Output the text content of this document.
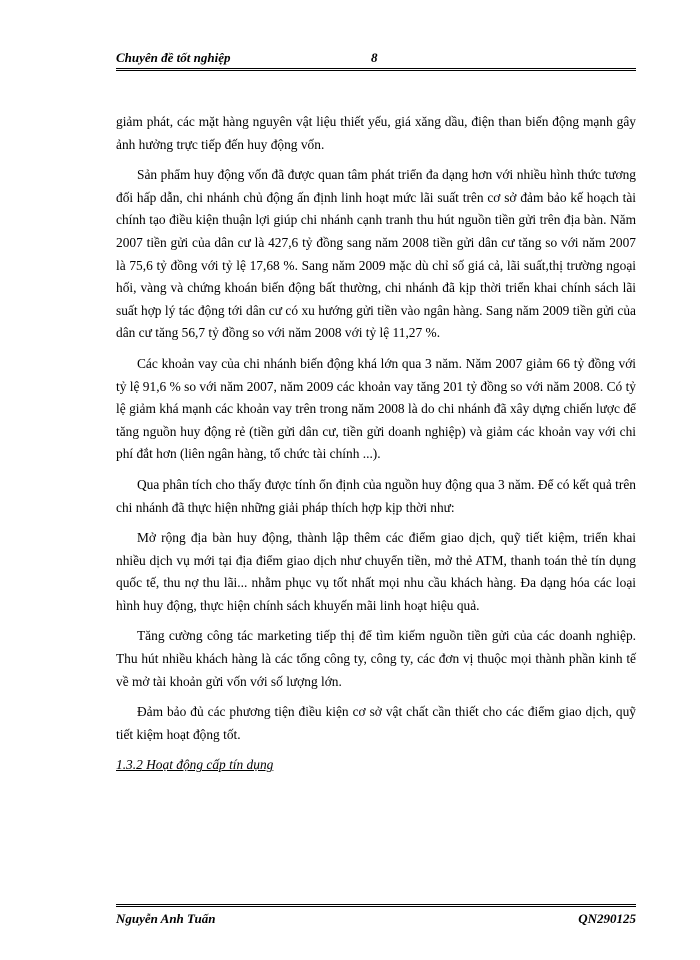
Chuyên đề tốt nghiệp	8

giảm phát, các mặt hàng nguyên vật liệu thiết yếu, giá xăng dầu, điện than biến động mạnh gây ảnh hưởng trực tiếp đến huy động vốn.

Sản phẩm huy động vốn đã được quan tâm phát triển đa dạng hơn với nhiều hình thức tương đối hấp dẫn, chi nhánh chủ động ấn định linh hoạt mức lãi suất trên cơ sở đảm bảo kế hoạch tài chính tạo điều kiện thuận lợi giúp chi nhánh cạnh tranh thu hút nguồn tiền gửi trên địa bàn. Năm 2007 tiền gửi của dân cư là 427,6 tỷ đồng sang năm 2008 tiền gửi dân cư tăng so với năm 2007 là 75,6 tỷ đồng với tỷ lệ 17,68 %. Sang năm 2009 mặc dù chỉ số giá cả, lãi suất,thị trường ngoại hối, vàng và chứng khoán biến động bất thường, chi nhánh đã kịp thời triển khai chính sách lãi suất hợp lý tác động tới dân cư có xu hướng gửi tiền vào ngân hàng. Sang năm 2009 tiền gửi của dân cư tăng 56,7 tỷ đồng so với năm 2008 với tỷ lệ 11,27 %.

Các khoản vay của chi nhánh biến động khá lớn qua 3 năm. Năm 2007 giảm 66 tỷ đồng với tỷ lệ 91,6 % so với năm 2007, năm 2009 các khoản vay tăng 201 tỷ đồng so với năm 2008. Có tỷ lệ giảm khá mạnh các khoản vay trên trong năm 2008 là do chi nhánh đã xây dựng chiến lược để tăng nguồn huy động rẻ (tiền gửi dân cư, tiền gửi doanh nghiệp) và giảm các khoản vay với chi phí đắt hơn (liên ngân hàng, tổ chức tài chính ...).

Qua phân tích cho thấy được tính ổn định của nguồn huy động qua 3 năm. Để có kết quả trên chi nhánh đã thực hiện những giải pháp thích hợp kịp thời như:

Mở rộng địa bàn huy động, thành lập thêm các điểm giao dịch, quỹ tiết kiệm, triển khai nhiều dịch vụ mới tại địa điểm giao dịch như chuyển tiền, mở thẻ ATM, thanh toán thẻ tín dụng quốc tế, thu nợ thu lãi... nhằm phục vụ tốt nhất mọi nhu cầu khách hàng. Đa dạng hóa các loại hình huy động, thực hiện chính sách khuyến mãi linh hoạt hiệu quả.

Tăng cường công tác marketing tiếp thị để tìm kiếm nguồn tiền gửi của các doanh nghiệp. Thu hút nhiều khách hàng là các tổng công ty, công ty, các đơn vị thuộc mọi thành phần kinh tế về mở tài khoản gửi vốn với số lượng lớn.

Đảm bảo đủ các phương tiện điều kiện cơ sở vật chất cần thiết cho các điểm giao dịch, quỹ tiết kiệm hoạt động tốt.

1.3.2 Hoạt động cấp tín dụng

Nguyễn Anh Tuấn	QN290125
